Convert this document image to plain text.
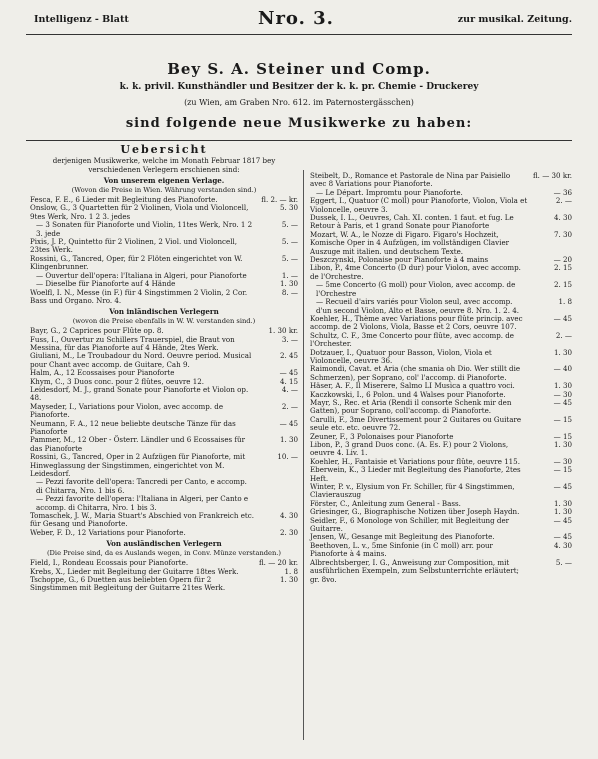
Intelligenz - Blatt	Nro. 3.	zur musikal. Zeitung.
Bey S. A. Steiner und Comp.
k. k. privil. Kunsthändler und Besitzer der k. k. pr. Chemie - Druckerey
(zu Wien, am Graben Nro. 612. im Paternostergässchen)
sind folgende neue Musikwerke zu haben:
Uebersicht
derjenigen Musikwerke, welche im Monath Februar 1817 bey verschiedenen Verlegern erschienen sind:
Von unserem eigenen Verlage.
(Wovon die Preise in Wien. Währung verstanden sind.)
Fesca, F. E., 6 Lieder mit Begleitung des Pianoforte.	fl. 2. — kr.
Onslow, G., 3 Quartetten für 2 Violinen, Viola und Violoncell, 9tes Werk, Nro. 1 2 3. jedes
5. 30
— 3 Sonaten für Pianoforte und Violin, 11tes Werk, Nro. 1 2 3. jede
5. —
Pixis, J. P., Quintetto für 2 Violinen, 2 Viol. und Violoncell, 23tes Werk.
5. —
Rossini, G., Tancred, Oper, für 2 Flöten eingerichtet von W. Klingenbrunner.
5. —
— Ouvertur dell'opera: l'Italiana in Algeri, pour Pianoforte	1. —
— Dieselbe für Pianoforte auf 4 Hände	1. 30
Woelfl, I. N., Messe (in F.) für 4 Singstimmen 2 Violin, 2 Cor. Bass und Organo. Nro. 4.
8. —
Von inländischen Verlegern
(wovon die Preise ebenfalls in W. W. verstanden sind.)
Bayr, G., 2 Caprices pour Flûte op. 8.	1. 30 kr.
Fuss, I., Ouvertur zu Schillers Trauerspiel, die Braut von Messina, für das Pianoforte auf 4 Hände, 2tes Werk.
3. —
Giuliani, M., Le Troubadour du Nord. Oeuvre period. Musical pour Chant avec accomp. de Guitare, Cah 9.
2. 45
Halm, A., 12 Ecossaises pour Pianoforte	— 45
Khym, C., 3 Duos conc. pour 2 flûtes, oeuvre 12.	4. 15
Leidesdorf, M. J., grand Sonate pour Pianoforte et Violon op. 48.
4. —
Mayseder, I., Variations pour Violon, avec accomp. de Pianoforte.
2. —
Neumann, F. A., 12 neue beliebte deutsche Tänze für das Pianoforte
— 45
Pammer, M., 12 Ober - Österr. Ländler und 6 Ecossaises für das Pianoforte
1. 30
Rossini, G., Tancred, Oper in 2 Aufzügen für Pianoforte, mit Hinweglassung der Singstimmen, eingerichtet von M. Leidesdorf.
10. —
— Pezzi favorite dell'opera: Tancredi per Canto, e accomp. di Chitarra, Nro. 1 bis 6.
— Pezzi favorite dell'opera: l'Italiana in Algeri, per Canto e accomp. di Chitarra, Nro. 1 bis 3.
Tomaschek, J. W., Maria Stuart's Abschied von Frankreich etc. für Gesang und Pianoforte.
4. 30
Weber, F. D., 12 Variations pour Pianoforte.	2. 30
Von ausländischen Verlegern
(Die Preise sind, da es Auslands wegen, in Conv. Münze verstanden.)
Field, I., Rondeau Ecossais pour Pianoforte.	fl. — 20 kr.
Krebs, X., Lieder mit Begleitung der Guitarre 18tes Werk.	1. 8
Tschoppe, G., 6 Duetten aus beliebten Opern für 2 Singstimmen mit Begleitung der Guitarre 21tes Werk.
1. 30
Steibelt, D., Romance et Pastorale de Nina par Paisiello avec 8 Variations pour Pianoforte.
fl. — 30 kr.
— Le Départ. Impromtu pour Pianoforte.	— 36
Eggert, I., Quatuor (C moll) pour Pianoforte, Violon, Viola et Violoncelle, oeuvre 3.
2. —
Dussek, I. L., Oeuvres, Cah. XI. conten. 1 faut. et fug. Le Retour à Paris, et 1 grand Sonate pour Pianoforte
4. 30
Mozart, W. A., le Nozze di Figaro. Figaro's Hochzeit, Komische Oper in 4 Aufzügen, im vollständigen Clavier Auszuge mit italien. und deutschem Texte.
7. 30
Deszczynski, Polonaise pour Pianoforte à 4 mains	— 20
Libon, P., 4me Concerto (D dur) pour Violon, avec accomp. de l'Orchestre.
2. 15
— 5me Concerto (G moll) pour Violon, avec accomp. de l'Orchestre
2. 15
— Recueil d'airs variés pour Violon seul, avec accomp. d'un second Violon, Alto et Basse, oeuvre 8. Nro. 1. 2. 4.
1. 8
Koehler, H., Thème avec Variations pour flûte princip. avec accomp. de 2 Violons, Viola, Basse et 2 Cors, oeuvre 107.
— 45
Schultz, C. F., 3me Concerto pour flûte, avec accomp. de l'Orchester.
2. —
Dotzauer, I., Quatuor pour Basson, Violon, Viola et Violoncelle, oeuvre 36.
1. 30
Raimondi, Cavat. et Aria (che smania oh Dio. Wer stillt die Schmerzen), per Soprano, col' l'accomp. di Pianoforte.
— 40
Häser, A. F., Il Miserere, Salmo LI Musica a quattro voci.	1. 30
Kaczkowski, I., 6 Polon. und 4 Walses pour Pianoforte.	— 30
Mayr, S., Rec. et Aria (Rendi il consorte Schenk mir den Gatten), pour Soprano, coll'accomp. di Pianoforte.
— 45
Carulli, F., 3me Divertissement pour 2 Guitares ou Guitare seule etc. etc. oeuvre 72.
— 15
Zeuner, F., 3 Polonaises pour Pianoforte	— 15
Libon, P., 3 grand Duos conc. (A. Es. F.) pour 2 Violons, oeuvre 4. Liv. 1.
1. 30
Koehler, H., Fantaisie et Variations pour flûte, oeuvre 115.	— 30
Eberwein, K., 3 Lieder mit Begleitung des Pianoforte, 2tes Heft.
— 15
Winter, P. v., Elysium von Fr. Schiller, für 4 Singstimmen, Clavierauszug
— 45
Förster, C., Anleitung zum General - Bass.	1. 30
Griesinger, G., Biographische Notizen über Joseph Haydn.	1. 30
Seidler, F., 6 Monologe von Schiller, mit Begleitung der Guitarre.
— 45
Jensen, W., Gesange mit Begleitung des Pianoforte.	— 45
Beethoven, L. v., 5me Sinfonie (in C moll) arr. pour Pianoforte à 4 mains.
4. 30
Albrechtsberger, I. G., Anweisung zur Composition, mit ausführlichen Exempeln, zum Selbstunterrichte erläutert; gr. 8vo.
5. —
